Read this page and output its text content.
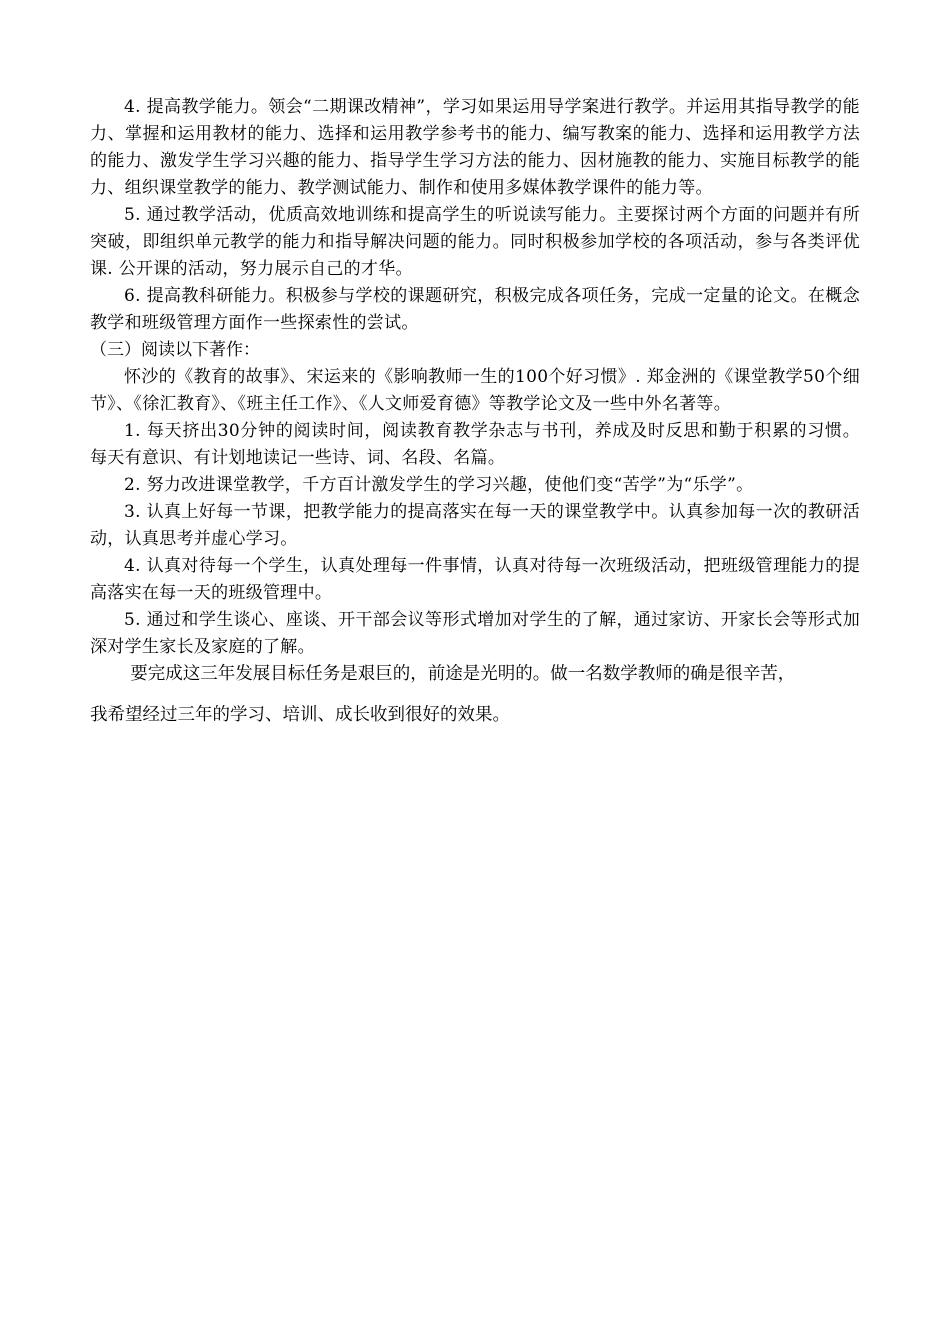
4. 提高教学能力。领会“二期课改精神”，学习如果运用导学案进行教学。并运用其指导教学的能力、掌握和运用教材的能力、选择和运用教学参考书的能力、编写教案的能力、选择和运用教学方法的能力、激发学生学习兴趣的能力、指导学生学习方法的能力、因材施教的能力、实施目标教学的能力、组织课堂教学的能力、教学测试能力、制作和使用多媒体教学课件的能力等。

5. 通过教学活动，优质高效地训练和提高学生的听说读写能力。主要探讨两个方面的问题并有所突破，即组织单元教学的能力和指导解决问题的能力。同时积极参加学校的各项活动，参与各类评优课. 公开课的活动，努力展示自己的才华。

6. 提高教科研能力。积极参与学校的课题研究，积极完成各项任务，完成一定量的论文。在概念教学和班级管理方面作一些探索性的尝试。

（三）阅读以下著作：

怀沙的《教育的故事》、宋运来的《影响教师一生的100个好习惯》. 郑金洲的《课堂教学50个细节》、《徐汇教育》、《班主任工作》、《人文师爱育德》等教学论文及一些中外名著等。

1. 每天挤出30分钟的阅读时间，阅读教育教学杂志与书刊，养成及时反思和勤于积累的习惯。每天有意识、有计划地读记一些诗、词、名段、名篇。

2. 努力改进课堂教学，千方百计激发学生的学习兴趣，使他们变“苦学”为“乐学”。

3. 认真上好每一节课，把教学能力的提高落实在每一天的课堂教学中。认真参加每一次的教研活动，认真思考并虚心学习。

4. 认真对待每一个学生，认真处理每一件事情，认真对待每一次班级活动，把班级管理能力的提高落实在每一天的班级管理中。

5. 通过和学生谈心、座谈、开干部会议等形式增加对学生的了解，通过家访、开家长会等形式加深对学生家长及家庭的了解。

要完成这三年发展目标任务是艰巨的，前途是光明的。做一名数学教师的确是很辛苦，

我希望经过三年的学习、培训、成长收到很好的效果。
